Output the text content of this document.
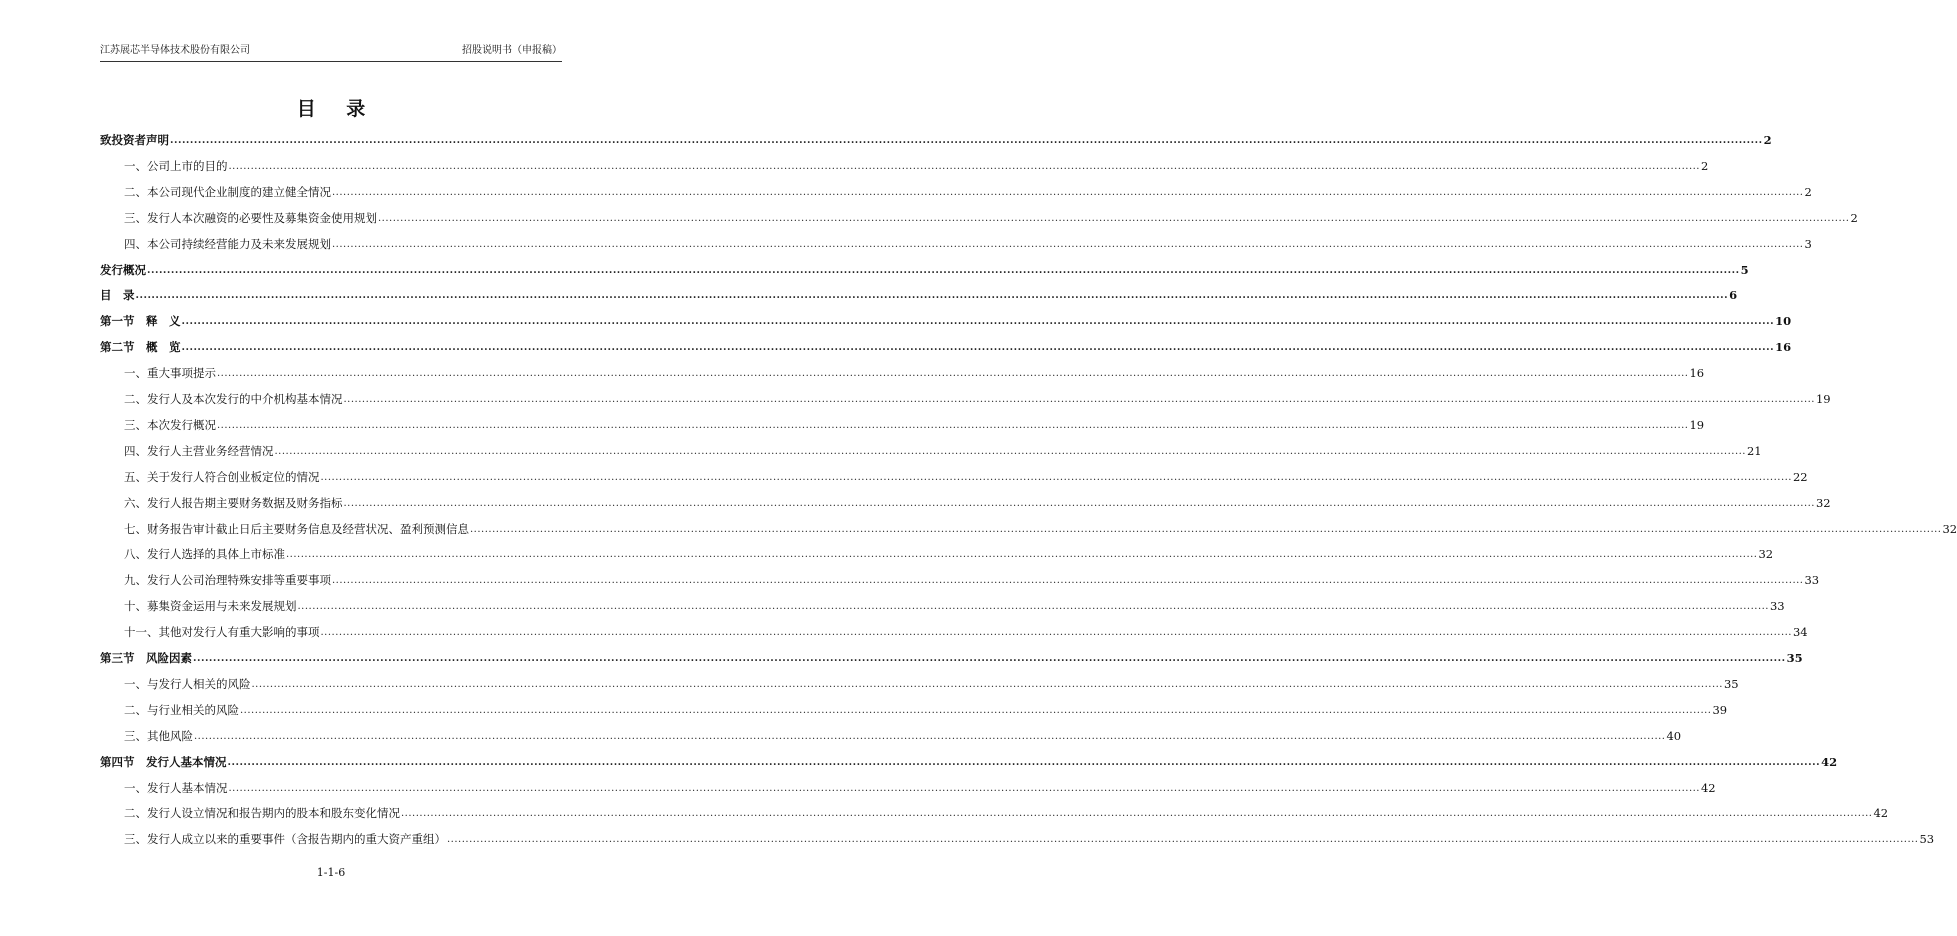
江苏展芯半导体技术股份有限公司	招股说明书（申报稿）
目 录
致投资者声明 ................................................................................................................................................................................................................................................................................................................................................................................................................ 2
一、公司上市的目的 ................................................................................................................................................................................................................................................................................................................................................................................................................ 2
二、本公司现代企业制度的建立健全情况 ................................................................................................................................................................................................................................................................................................................................................................................................................ 2
三、发行人本次融资的必要性及募集资金使用规划 ................................................................................................................................................................................................................................................................................................................................................................................................................ 2
四、本公司持续经营能力及未来发展规划 ................................................................................................................................................................................................................................................................................................................................................................................................................ 3
发行概况 ................................................................................................................................................................................................................................................................................................................................................................................................................ 5
目　录 ................................................................................................................................................................................................................................................................................................................................................................................................................ 6
第一节　释　义 ................................................................................................................................................................................................................................................................................................................................................................................................................ 10
第二节　概　览 ................................................................................................................................................................................................................................................................................................................................................................................................................ 16
一、重大事项提示 ................................................................................................................................................................................................................................................................................................................................................................................................................ 16
二、发行人及本次发行的中介机构基本情况 ................................................................................................................................................................................................................................................................................................................................................................................................................ 19
三、本次发行概况 ................................................................................................................................................................................................................................................................................................................................................................................................................ 19
四、发行人主营业务经营情况 ................................................................................................................................................................................................................................................................................................................................................................................................................ 21
五、关于发行人符合创业板定位的情况 ................................................................................................................................................................................................................................................................................................................................................................................................................ 22
六、发行人报告期主要财务数据及财务指标 ................................................................................................................................................................................................................................................................................................................................................................................................................ 32
七、财务报告审计截止日后主要财务信息及经营状况、盈利预测信息 ................................................................................................................................................................................................................................................................................................................................................................................................................ 32
八、发行人选择的具体上市标准 ................................................................................................................................................................................................................................................................................................................................................................................................................ 32
九、发行人公司治理特殊安排等重要事项 ................................................................................................................................................................................................................................................................................................................................................................................................................ 33
十、募集资金运用与未来发展规划 ................................................................................................................................................................................................................................................................................................................................................................................................................ 33
十一、其他对发行人有重大影响的事项 ................................................................................................................................................................................................................................................................................................................................................................................................................ 34
第三节　风险因素 ................................................................................................................................................................................................................................................................................................................................................................................................................ 35
一、与发行人相关的风险 ................................................................................................................................................................................................................................................................................................................................................................................................................ 35
二、与行业相关的风险 ................................................................................................................................................................................................................................................................................................................................................................................................................ 39
三、其他风险 ................................................................................................................................................................................................................................................................................................................................................................................................................ 40
第四节　发行人基本情况 ................................................................................................................................................................................................................................................................................................................................................................................................................ 42
一、发行人基本情况 ................................................................................................................................................................................................................................................................................................................................................................................................................ 42
二、发行人设立情况和报告期内的股本和股东变化情况 ................................................................................................................................................................................................................................................................................................................................................................................................................ 42
三、发行人成立以来的重要事件（含报告期内的重大资产重组） ................................................................................................................................................................................................................................................................................................................................................................................................................ 53
1-1-6
